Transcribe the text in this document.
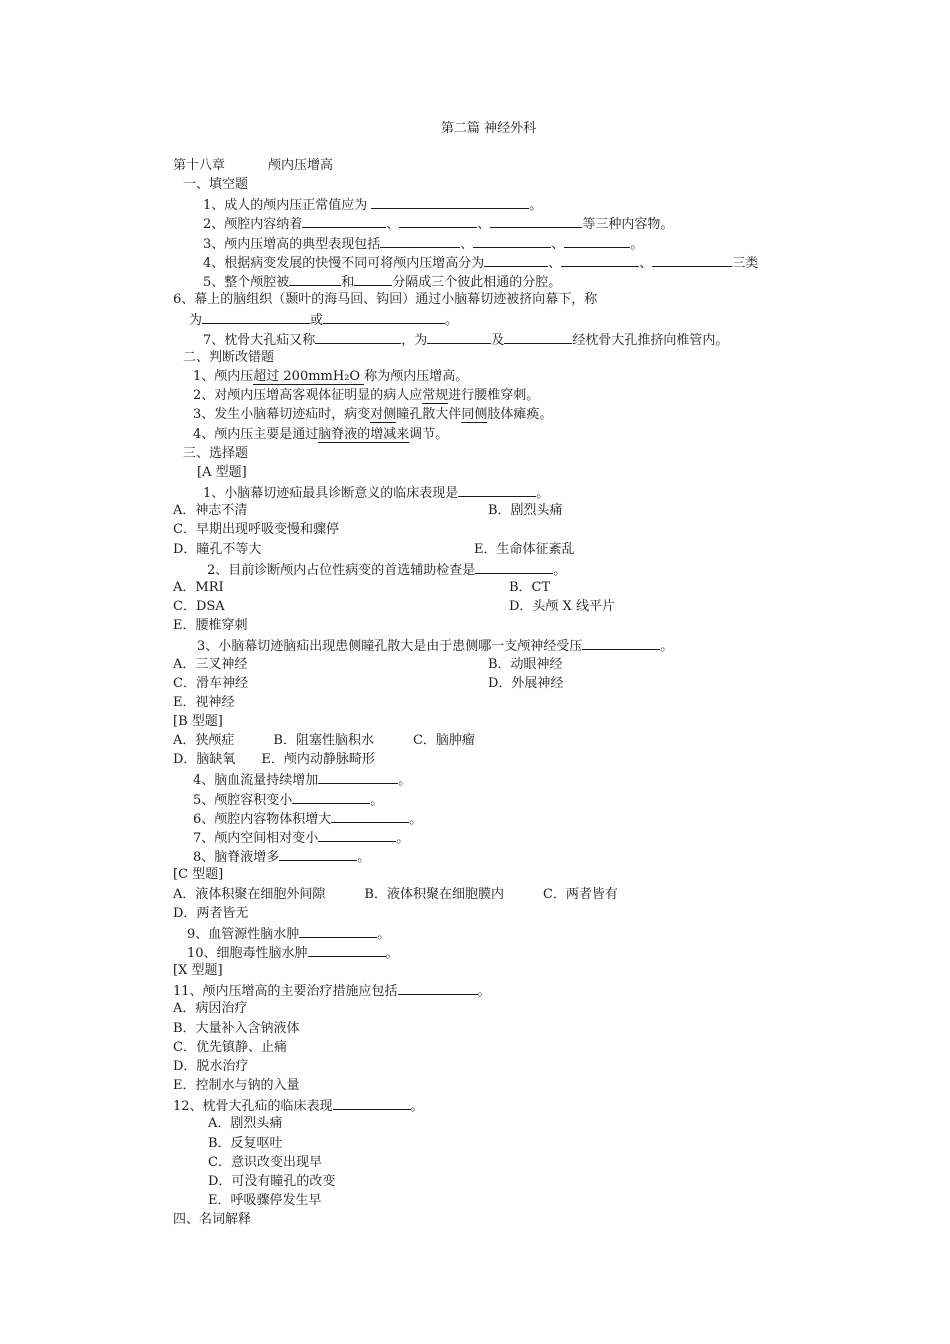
第二篇 神经外科
第十八章	颅内压增高
一、填空题
1、成人的颅内压正常值应为	。
2、颅腔内容纳着	、	、	等三种内容物。
3、颅内压增高的典型表现包括	、	、	。
4、根据病变发展的快慢不同可将颅内压增高分为	、	、	三类
5、整个颅腔被	和	分隔成三个彼此相通的分腔。
6、幕上的脑组织（颞叶的海马回、钩回）通过小脑幕切迹被挤向幕下，称
为	或	。
7、枕骨大孔疝又称	，为	及	经枕骨大孔推挤向椎管内。
二、判断改错题
1、颅内压超过 200mmH₂O 称为颅内压增高。
2、对颅内压增高客观体征明显的病人应常规进行腰椎穿刺。
3、发生小脑幕切迹疝时，病变对侧瞳孔散大伴同侧肢体瘫痪。
4、颅内压主要是通过脑脊液的增减来调节。
三、选择题
[A 型题]
1、小脑幕切迹疝最具诊断意义的临床表现是	。
A．神志不清	B．剧烈头痛
C．早期出现呼吸变慢和骤停
D．瞳孔不等大	E．生命体征紊乱
2、目前诊断颅内占位性病变的首选辅助检查是	。
A．MRI	B．CT
C．DSA	D．头颅 X 线平片
E．腰椎穿刺
3、小脑幕切迹脑疝出现患侧瞳孔散大是由于患侧哪一支颅神经受压	。
A．三叉神经	B．动眼神经
C．滑车神经	D．外展神经
E．视神经
[B 型题]
A．狭颅症　　　B．阻塞性脑积水　　　C．脑肿瘤
D．脑缺氧　　E．颅内动静脉畸形
4、脑血流量持续增加	。
5、颅腔容积变小	。
6、颅腔内容物体积增大	。
7、颅内空间相对变小	。
8、脑脊液增多	。
[C 型题]
A．液体积聚在细胞外间隙　　　B．液体积聚在细胞膜内　　　C．两者皆有
D．两者皆无
9、血管源性脑水肿	。
10、细胞毒性脑水肿	。
[X 型题]
11、颅内压增高的主要治疗措施应包括	。
A．病因治疗
B．大量补入含钠液体
C．优先镇静、止痛
D．脱水治疗
E．控制水与钠的入量
12、枕骨大孔疝的临床表现	。
A．剧烈头痛
B．反复呕吐
C．意识改变出现早
D．可没有瞳孔的改变
E．呼吸骤停发生早
四、名词解释
